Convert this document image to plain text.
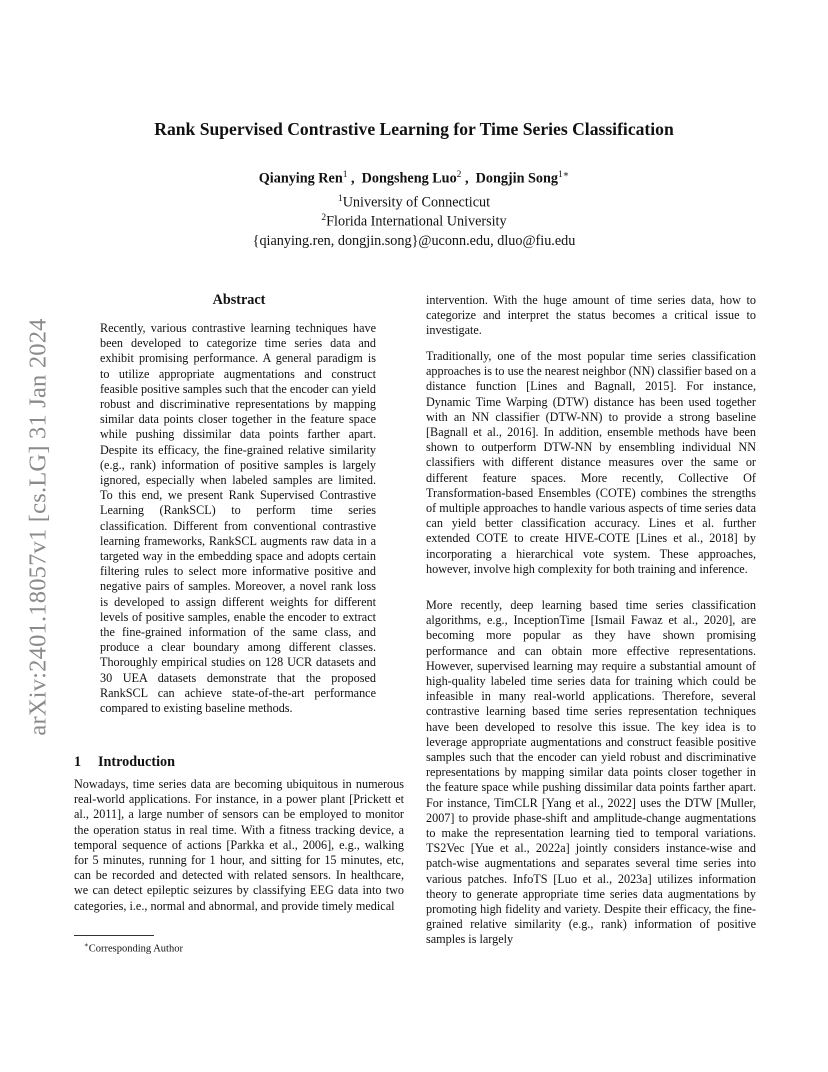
arXiv:2401.18057v1 [cs.LG] 31 Jan 2024
Rank Supervised Contrastive Learning for Time Series Classification
Qianying Ren$^1$ ,  Dongsheng Luo$^2$ ,  Dongjin Song$^{1∗}$
$^1$University of Connecticut
$^2$Florida International University
{qianying.ren, dongjin.song}@uconn.edu, dluo@fiu.edu
Abstract

Recently, various contrastive learning techniques have been developed to categorize time series data and exhibit promising performance. A general paradigm is to utilize appropriate augmentations and construct feasible positive samples such that the encoder can yield robust and discriminative representations by mapping similar data points closer together in the feature space while pushing dissimilar data points farther apart. Despite its efficacy, the fine-grained relative similarity (e.g., rank) information of positive samples is largely ignored, especially when labeled samples are limited. To this end, we present Rank Supervised Contrastive Learning (RankSCL) to perform time series classification. Different from conventional contrastive learning frameworks, RankSCL augments raw data in a targeted way in the embedding space and adopts certain filtering rules to select more informative positive and negative pairs of samples. Moreover, a novel rank loss is developed to assign different weights for different levels of positive samples, enable the encoder to extract the fine-grained information of the same class, and produce a clear boundary among different classes. Thoroughly empirical studies on 128 UCR datasets and 30 UEA datasets demonstrate that the proposed RankSCL can achieve state-of-the-art performance compared to existing baseline methods.

1 Introduction

Nowadays, time series data are becoming ubiquitous in numerous real-world applications. For instance, in a power plant [Prickett et al., 2011], a large number of sensors can be employed to monitor the operation status in real time. With a fitness tracking device, a temporal sequence of actions [Parkka et al., 2006], e.g., walking for 5 minutes, running for 1 hour, and sitting for 15 minutes, etc, can be recorded and detected with related sensors. In healthcare, we can detect epileptic seizures by classifying EEG data into two categories, i.e., normal and abnormal, and provide timely medical

∗Corresponding Author

intervention. With the huge amount of time series data, how to categorize and interpret the status becomes a critical issue to investigate.

Traditionally, one of the most popular time series classification approaches is to use the nearest neighbor (NN) classifier based on a distance function [Lines and Bagnall, 2015]. For instance, Dynamic Time Warping (DTW) distance has been used together with an NN classifier (DTW-NN) to provide a strong baseline [Bagnall et al., 2016]. In addition, ensemble methods have been shown to outperform DTW-NN by ensembling individual NN classifiers with different distance measures over the same or different feature spaces. More recently, Collective Of Transformation-based Ensembles (COTE) combines the strengths of multiple approaches to handle various aspects of time series data can yield better classification accuracy. Lines et al. further extended COTE to create HIVE-COTE [Lines et al., 2018] by incorporating a hierarchical vote system. These approaches, however, involve high complexity for both training and inference.

More recently, deep learning based time series classification algorithms, e.g., InceptionTime [Ismail Fawaz et al., 2020], are becoming more popular as they have shown promising performance and can obtain more effective representations. However, supervised learning may require a substantial amount of high-quality labeled time series data for training which could be infeasible in many real-world applications. Therefore, several contrastive learning based time series representation techniques have been developed to resolve this issue. The key idea is to leverage appropriate augmentations and construct feasible positive samples such that the encoder can yield robust and discriminative representations by mapping similar data points closer together in the feature space while pushing dissimilar data points farther apart. For instance, TimCLR [Yang et al., 2022] uses the DTW [Muller, 2007] to provide phase-shift and amplitude-change augmentations to make the representation learning tied to temporal variations. TS2Vec [Yue et al., 2022a] jointly considers instance-wise and patch-wise augmentations and separates several time series into various patches. InfoTS [Luo et al., 2023a] utilizes information theory to generate appropriate time series data augmentations by promoting high fidelity and variety. Despite their efficacy, the fine-grained relative similarity (e.g., rank) information of positive samples is largely
